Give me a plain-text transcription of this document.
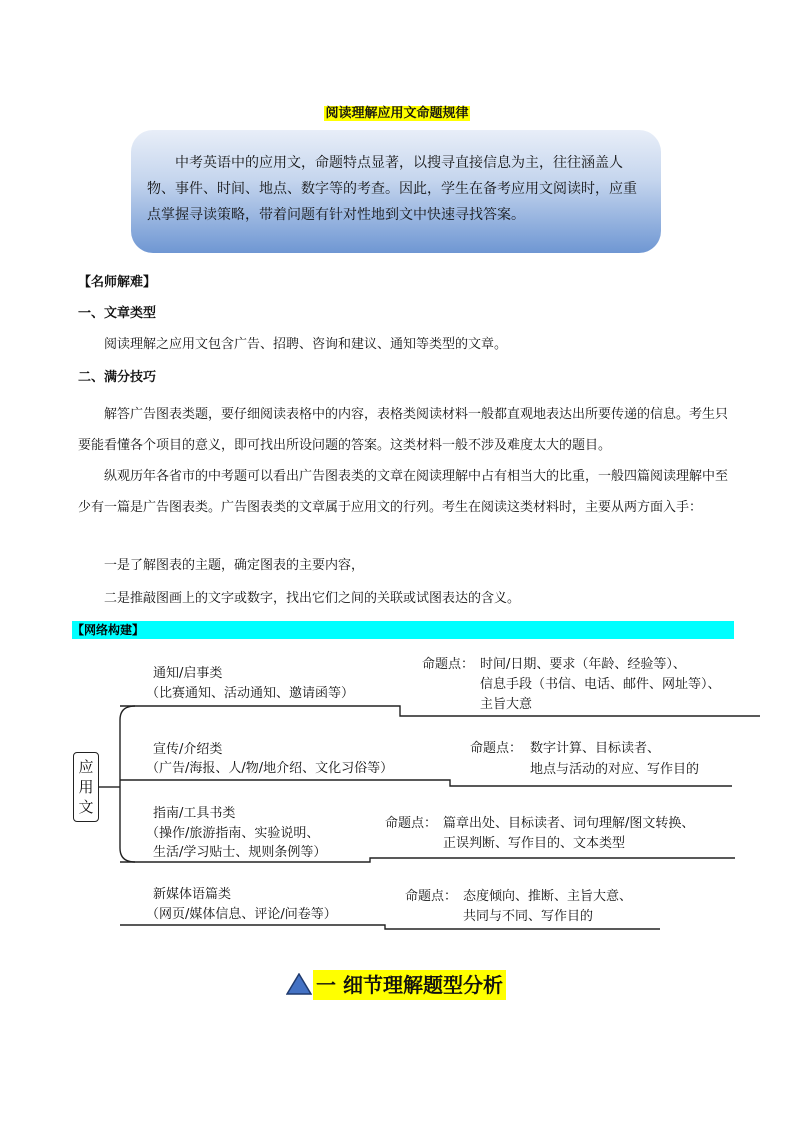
阅读理解应用文命题规律
中考英语中的应用文，命题特点显著，以搜寻直接信息为主，往往涵盖人物、事件、时间、地点、数字等的考查。因此，学生在备考应用文阅读时，应重点掌握寻读策略，带着问题有针对性地到文中快速寻找答案。
【名师解难】
一、文章类型
阅读理解之应用文包含广告、招聘、咨询和建议、通知等类型的文章。
二、满分技巧
解答广告图表类题，要仔细阅读表格中的内容，表格类阅读材料一般都直观地表达出所要传递的信息。考生只要能看懂各个项目的意义，即可找出所设问题的答案。这类材料一般不涉及难度太大的题目。
纵观历年各省市的中考题可以看出广告图表类的文章在阅读理解中占有相当大的比重，一般四篇阅读理解中至少有一篇是广告图表类。广告图表类的文章属于应用文的行列。考生在阅读这类材料时，主要从两方面入手：
一是了解图表的主题，确定图表的主要内容，
二是推敲图画上的文字或数字，找出它们之间的关联或试图表达的含义。
【网络构建】
应
用
文
通知/启事类
（比赛通知、活动通知、邀请函等）
命题点： 时间/日期、要求（年龄、经验等）、
信息手段（书信、电话、邮件、网址等）、
主旨大意
宣传/介绍类
（广告/海报、人/物/地介绍、文化习俗等）
命题点： 数字计算、目标读者、
地点与活动的对应、写作目的
指南/工具书类
（操作/旅游指南、实验说明、
生活/学习贴士、规则条例等）
命题点： 篇章出处、目标读者、词句理解/图文转换、
正误判断、写作目的、文本类型
新媒体语篇类
（网页/媒体信息、评论/问卷等）
命题点： 态度倾向、推断、主旨大意、
共同与不同、写作目的
一 细节理解题型分析
